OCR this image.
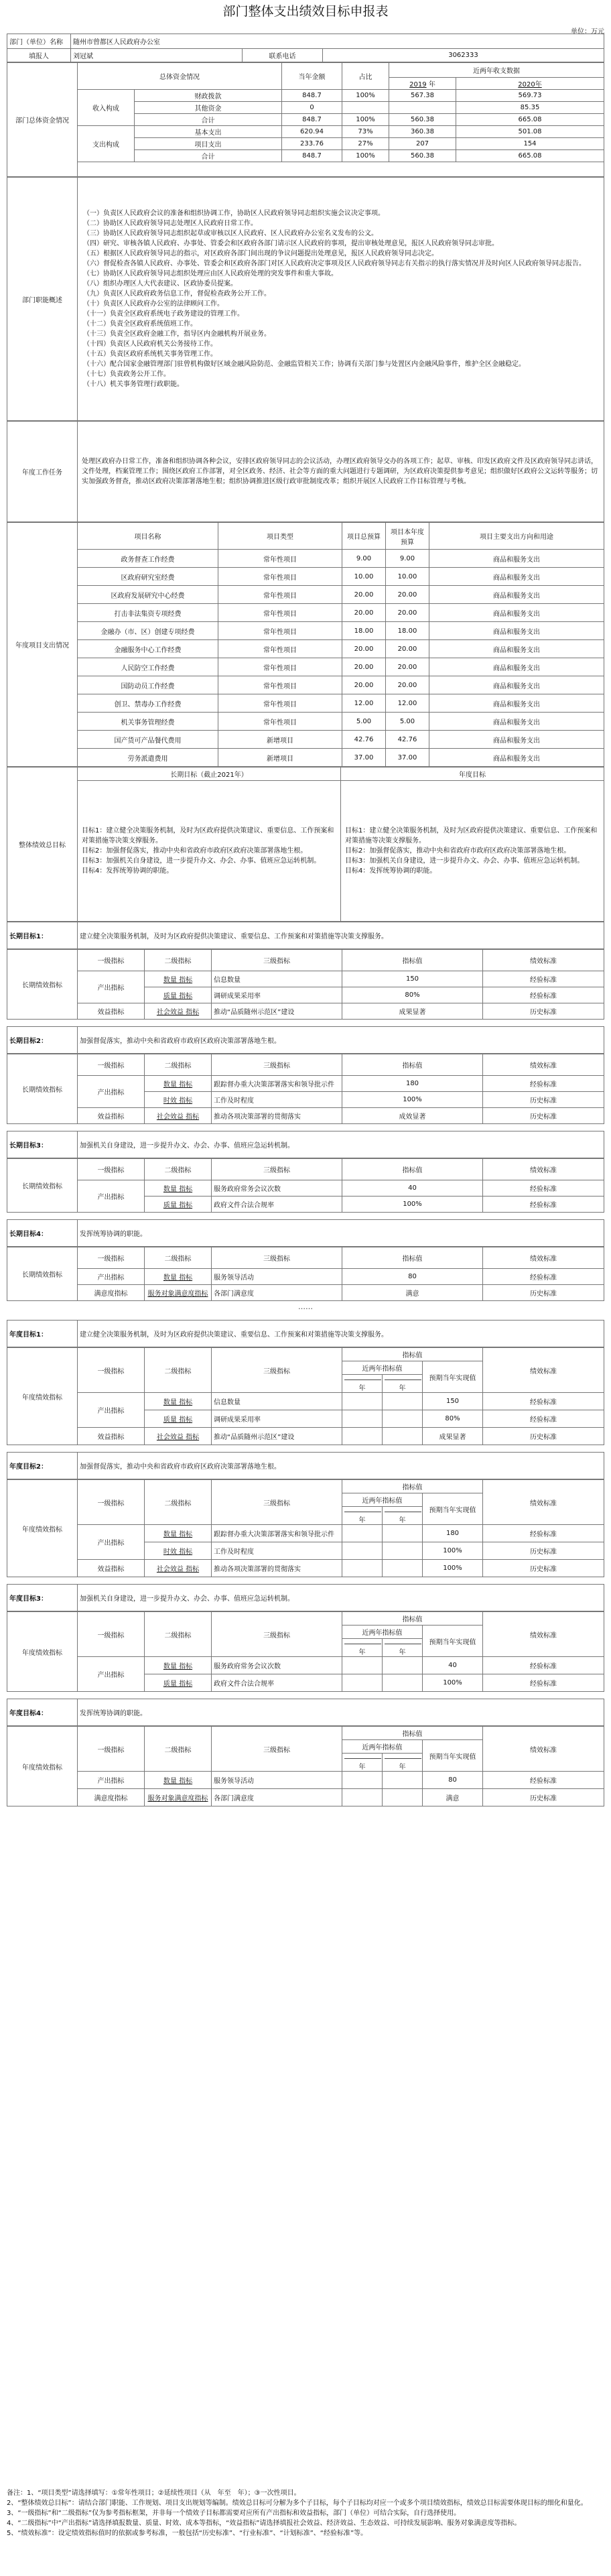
部门整体支出绩效目标申报表
单位：万元
部门（单位）名称	随州市曾都区人民政府办公室		
填报人	刘冠斌	联系电话	3062333
部门总体资金情况	总体资金情况		当年金额	占比	近两年收支数据	
					2019 年	2020年
	收入构成	财政拨款	848.7	100%	567.38	569.73
		其他资金	0			85.35
		合计	848.7	100%	560.38	665.08
	支出构成	基本支出	620.94	73%	360.38	501.08
		项目支出	233.76	27%	207	154
		合计	848.7	100%	560.38	665.08

部门职能概述	
（一）负责区人民政府会议的准备和组织协调工作，协助区人民政府领导同志组织实施会议决定事项。
（二）协助区人民政府领导同志处理区人民政府日常工作。
（三）协助区人民政府领导同志组织起草或审核以区人民政府、区人民政府办公室名义发布的公文。
（四）研究、审核各镇人民政府、办事处、管委会和区政府各部门请示区人民政府的事项，提出审核处理意见，报区人民政府领导同志审批。
（五）根据区人民政府领导同志的指示，对区政府各部门间出现的争议问题提出处理意见，报区人民政府领导同志决定。
（六）督促检查各镇人民政府、办事处、管委会和区政府各部门对区人民政府决定事项及区人民政府领导同志有关指示的执行落实情况并及时向区人民政府领导同志报告。
（七）协助区人民政府领导同志组织处理应由区人民政府处理的突发事件和重大事故。
（八）组织办理区人大代表建议、区政协委员提案。
（九）负责区人民政府政务信息工作，督促检查政务公开工作。
（十）负责区人民政府办公室的法律顾问工作。
（十一）负责全区政府系统电子政务建设的管理工作。
（十二）负责全区政府系统值班工作。
（十三）负责全区政府金融工作，指导区内金融机构开展业务。
（十四）负责区人民政府机关公务接待工作。
（十五）负责区政府系统机关事务管理工作。
（十六）配合国家金融管理部门驻曾机构做好区域金融风险防范、金融监管相关工作；协调有关部门参与处置区内金融风险事件，维护全区金融稳定。
（十七）负责政务公开工作。
（十八）机关事务管理行政职能。
年度工作任务	处理区政府办日常工作，准备和组织协调各种会议，安排区政府领导同志的会议活动，办理区政府领导交办的各项工作；起草、审核、印发区政府文件及区政府领导同志讲话，文件处理，档案管理工作；围绕区政府工作部署，对全区政务、经济、社会等方面的重大问题进行专题调研，为区政府决策提供参考意见；组织做好区政府公文运转等服务；切实加强政务督查，推动区政府决策部署落地生根；组织协调推进区级行政审批制度改革；组织开展区人民政府工作目标管理与考核。
年度项目支出情况	项目名称	项目类型	项目总预算	项目本年度预算	项目主要支出方向和用途
	政务督查工作经费	常年性项目	9.00	9.00	商品和服务支出
	区政府研究室经费	常年性项目	10.00	10.00	商品和服务支出
	区政府发展研究中心经费	常年性项目	20.00	20.00	商品和服务支出
	打击非法集资专项经费	常年性项目	20.00	20.00	商品和服务支出
	金融办（市、区）创建专项经费	常年性项目	18.00	18.00	商品和服务支出
	金融服务中心工作经费	常年性项目	20.00	20.00	商品和服务支出
	人民防空工作经费	常年性项目	20.00	20.00	商品和服务支出
	国防动员工作经费	常年性项目	20.00	20.00	商品和服务支出
	创卫、禁毒办工作经费	常年性项目	12.00	12.00	商品和服务支出
	机关事务管理经费	常年性项目	5.00	5.00	商品和服务支出
	国产货可产品餐代费用	新增项目	42.76	42.76	商品和服务支出
	劳务派遣费用	新增项目	37.00	37.00	商品和服务支出
整体绩效总目标	长期目标（截止2021年）	年度目标
	目标1：建立健全决策服务机制，及时为区政府提供决策建议、重要信息、工作预案和对策措施等决策支撑服务。
目标2：加强督促落实，推动中央和省政府市政府区政府决策部署落地生根。
目标3：加强机关自身建设，进一步提升办文、办会、办事、值班应急运转机制。
目标4：发挥统筹协调的职能。	目标1：建立健全决策服务机制，及时为区政府提供决策建议、重要信息、工作预案和对策措施等决策支撑服务。
目标2：加强督促落实，推动中央和省政府市政府区政府决策部署落地生根。
目标3：加强机关自身建设，进一步提升办文、办会、办事、值班应急运转机制。
目标4：发挥统筹协调的职能。
长期目标1：	建立健全决策服务机制，及时为区政府提供决策建议、重要信息、工作预案和对策措施等决策支撑服务。
长期绩效指标	一级指标	二级指标	三级指标	指标值	绩效标准
	产出指标	数量 指标	信息数量	150	经验标准
		质量 指标	调研成果采用率	80%	经验标准
	效益指标	社会效益 指标	推动“品质随州示范区”建设	成果显著	历史标准
长期目标2：	加强督促落实，推动中央和省政府市政府区政府决策部署落地生根。
长期绩效指标	一级指标	二级指标	三级指标	指标值	绩效标准
	产出指标	数量 指标	跟踪督办重大决策部署落实和领导批示件	180	经验标准
		时效 指标	工作及时程度	100%	历史标准
	效益指标	社会效益 指标	推动各项决策部署的贯彻落实	成效显著	历史标准
长期目标3：	加强机关自身建设，进一步提升办文、办会、办事、值班应急运转机制。
长期绩效指标	一级指标	二级指标	三级指标	指标值	绩效标准
	产出指标	数量 指标	服务政府常务会议次数	40	经验标准
		质量 指标	政府文件合法合规率	100%	经验标准
长期目标4：	发挥统筹协调的职能。
长期绩效指标	一级指标	二级指标	三级指标	指标值	绩效标准
	产出指标	数量 指标	服务领导活动	80	经验标准
	满意度指标	服务对象满意度指标	各部门满意度	满意	历史标准
……
年度目标1：	建立健全决策服务机制，及时为区政府提供决策建议、重要信息、工作预案和对策措施等决策支撑服务。
年度绩效指标	一级指标	二级指标	三级指标	指标值			绩效标准
				近两年指标值		预期当年实现值	
				年	年		
	产出指标	数量 指标	信息数量			150	经验标准
		质量 指标	调研成果采用率			80%	经验标准
	效益指标	社会效益 指标	推动“品质随州示范区”建设			成果显著	历史标准
年度目标2：	加强督促落实，推动中央和省政府市政府区政府决策部署落地生根。
年度绩效指标	一级指标	二级指标	三级指标	指标值			绩效标准
				近两年指标值		预期当年实现值	
				年	年		
	产出指标	数量 指标	跟踪督办重大决策部署落实和领导批示件			180	经验标准
		时效 指标	工作及时程度			100%	历史标准
	效益指标	社会效益 指标	推动各项决策部署的贯彻落实			100%	历史标准
年度目标3：	加强机关自身建设，进一步提升办文、办会、办事、值班应急运转机制。
年度绩效指标	一级指标	二级指标	三级指标	指标值			绩效标准
				近两年指标值		预期当年实现值	
				年	年		
	产出指标	数量 指标	服务政府常务会议次数			40	经验标准
		质量 指标	政府文件合法合规率			100%	经验标准
年度目标4：	发挥统筹协调的职能。
年度绩效指标	一级指标	二级指标	三级指标	指标值			绩效标准
				近两年指标值		预期当年实现值	
				年	年		
	产出指标	数量 指标	服务领导活动			80	经验标准
	满意度指标	服务对象满意度指标	各部门满意度			满意	历史标准
备注：1、“项目类型”请选择填写：①常年性项目；②延续性项目（从　年至　年）；③一次性项目。
2、“整体绩效总目标”：请结合部门职能、工作规划、项目支出规划等编制。绩效总目标可分解为多个子目标，每个子目标均对应一个或多个项目绩效指标，绩效总目标需要体现目标的细化和量化。
3、“一级指标”和“二级指标”仅为参考指标框架，并非每一个绩效子目标都需要对应所有产出指标和效益指标，部门（单位）可结合实际，自行选择使用。
4、“二级指标”中“产出指标”请选择填报数量、质量、时效、成本等指标，“效益指标”请选择填报社会效益、经济效益、生态效益、可持续发展影响、服务对象满意度等指标。
5、“绩效标准”：设定绩效指标值时的依据或参考标准，一般包括“历史标准”、“行业标准”、“计划标准”、“经验标准”等。
